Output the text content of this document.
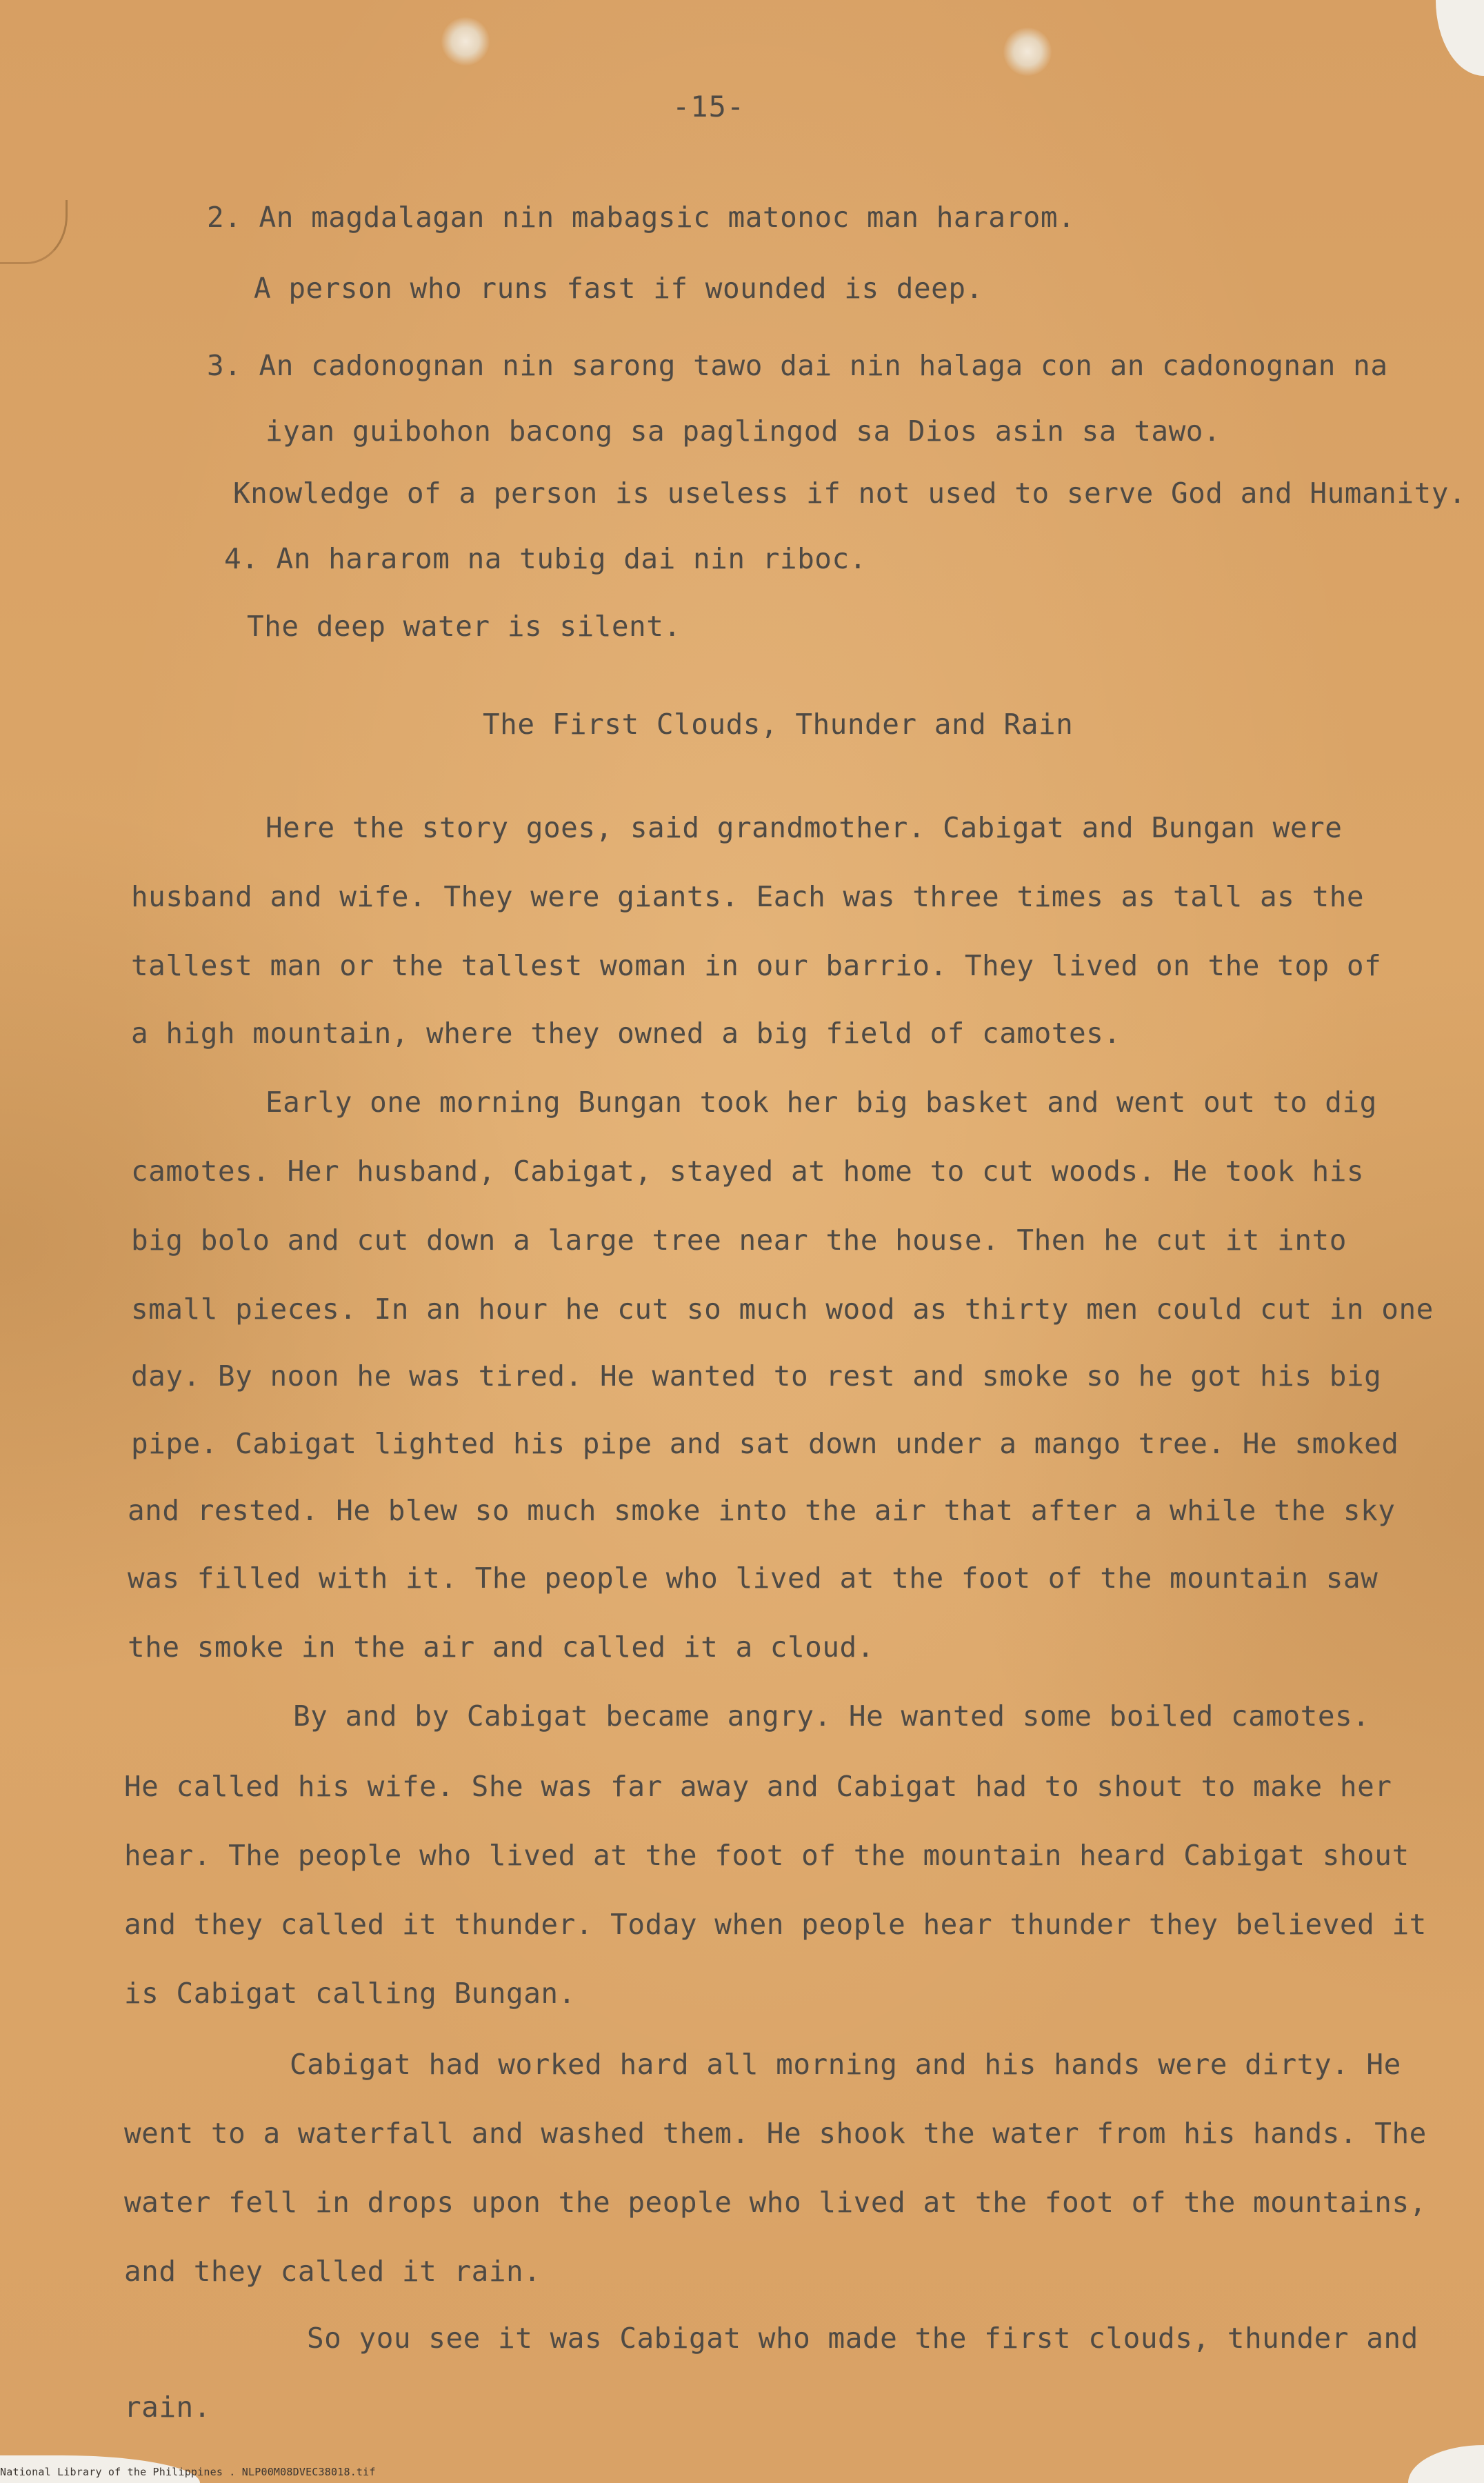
-15-
2. An magdalagan nin mabagsic matonoc man hararom.
A person who runs fast if wounded is deep.
3. An cadonognan nin sarong tawo dai nin halaga con an cadonognan na
iyan guibohon bacong sa paglingod sa Dios asin sa tawo.
Knowledge of a person is useless if not used to serve God and Humanity.
4. An hararom na tubig dai nin riboc.
The deep water is silent.
The First Clouds, Thunder and Rain
Here the story goes, said grandmother. Cabigat and Bungan were
husband and wife. They were giants. Each was three times as tall as the
tallest man or the tallest woman in our barrio. They lived on the top of
a high mountain, where they owned a big field of camotes.
Early one morning Bungan took her big basket and went out to dig
camotes. Her husband, Cabigat, stayed at home to cut woods. He took his
big bolo and cut down a large tree near the house. Then he cut it into
small pieces. In an hour he cut so much wood as thirty men could cut in one
day. By noon he was tired. He wanted to rest and smoke so he got his big
pipe. Cabigat lighted his pipe and sat down under a mango tree. He smoked
and rested. He blew so much smoke into the air that after a while the sky
was filled with it. The people who lived at the foot of the mountain saw
the smoke in the air and called it a cloud.
By and by Cabigat became angry. He wanted some boiled camotes.
He called his wife. She was far away and Cabigat had to shout to make her
hear. The people who lived at the foot of the mountain heard Cabigat shout
and they called it thunder. Today when people hear thunder they believed it
is Cabigat calling Bungan.
Cabigat had worked hard all morning and his hands were dirty. He
went to a waterfall and washed them. He shook the water from his hands. The
water fell in drops upon the people who lived at the foot of the mountains,
and they called it rain.
So you see it was Cabigat who made the first clouds, thunder and
rain.
National Library of the Philippines . NLP00M08DVEC38018.tif
